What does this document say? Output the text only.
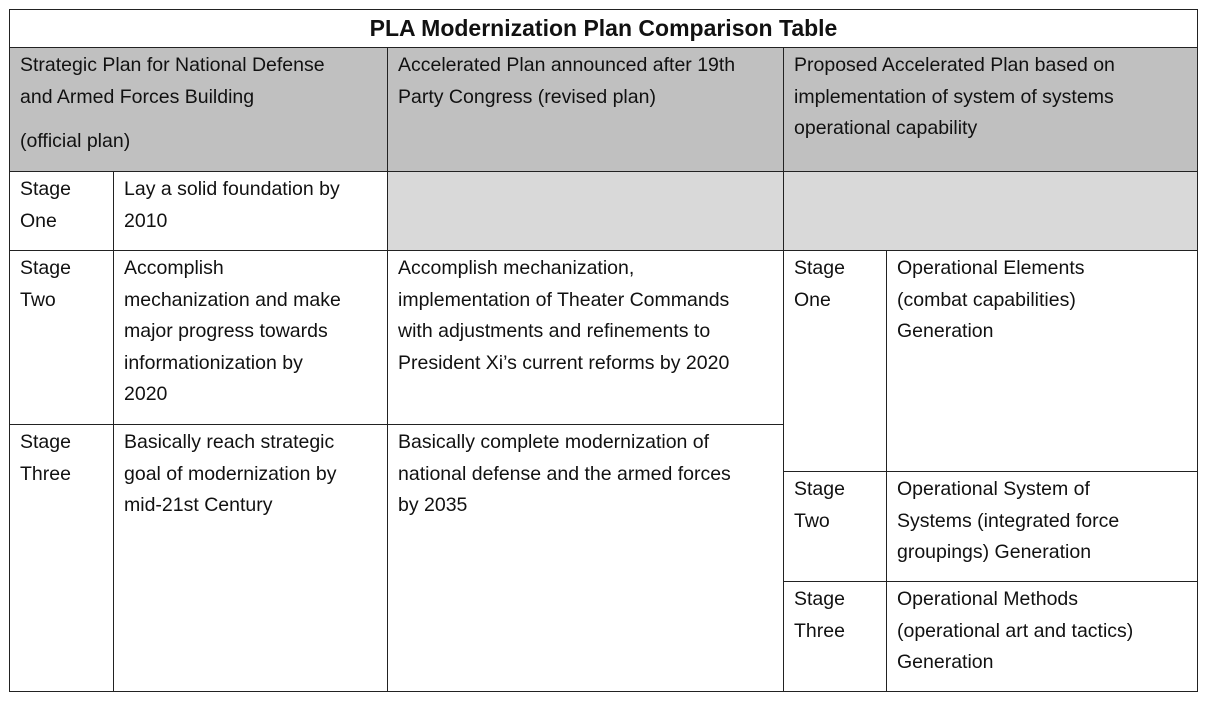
PLA Modernization Plan Comparison Table
Strategic Plan for National Defense
and Armed Forces Building
(official plan)
Accelerated Plan announced after 19th
Party Congress (revised plan)
Proposed Accelerated Plan based on
implementation of system of systems
operational capability
Stage
One
Lay a solid foundation by
2010
Stage
Two
Accomplish
mechanization and make
major progress towards
informationization by
2020
Accomplish mechanization,
implementation of Theater Commands
with adjustments and refinements to
President Xi’s current reforms by 2020
Stage
Three
Basically reach strategic
goal of modernization by
mid-21st Century
Basically complete modernization of
national defense and the armed forces
by 2035
Stage
One
Operational Elements
(combat capabilities)
Generation
Stage
Two
Operational System of
Systems (integrated force
groupings) Generation
Stage
Three
Operational Methods
(operational art and tactics)
Generation
